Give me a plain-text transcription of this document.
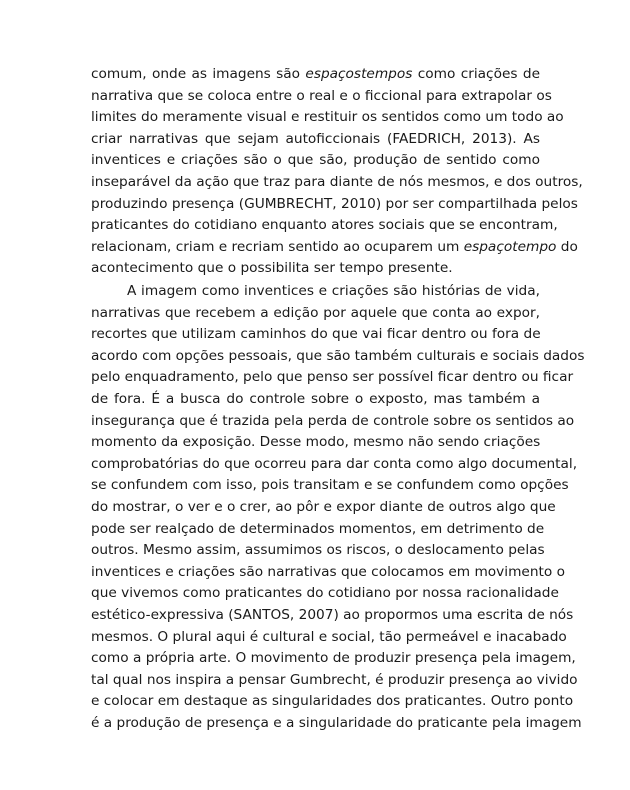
comum, onde as imagens são espaçostempos como criações de
narrativa que se coloca entre o real e o ficcional para extrapolar os
limites do meramente visual e restituir os sentidos como um todo ao
criar narrativas que sejam autoficcionais (FAEDRICH, 2013). As
inventices e criações são o que são, produção de sentido como
inseparável da ação que traz para diante de nós mesmos, e dos outros,
produzindo presença (GUMBRECHT, 2010) por ser compartilhada pelos
praticantes do cotidiano enquanto atores sociais que se encontram,
relacionam, criam e recriam sentido ao ocuparem um espaçotempo do
acontecimento que o possibilita ser tempo presente.

A imagem como inventices e criações são histórias de vida,
narrativas que recebem a edição por aquele que conta ao expor,
recortes que utilizam caminhos do que vai ficar dentro ou fora de
acordo com opções pessoais, que são também culturais e sociais dados
pelo enquadramento, pelo que penso ser possível ficar dentro ou ficar
de fora. É a busca do controle sobre o exposto, mas também a
insegurança que é trazida pela perda de controle sobre os sentidos ao
momento da exposição. Desse modo, mesmo não sendo criações
comprobatórias do que ocorreu para dar conta como algo documental,
se confundem com isso, pois transitam e se confundem como opções
do mostrar, o ver e o crer, ao pôr e expor diante de outros algo que
pode ser realçado de determinados momentos, em detrimento de
outros. Mesmo assim, assumimos os riscos, o deslocamento pelas
inventices e criações são narrativas que colocamos em movimento o
que vivemos como praticantes do cotidiano por nossa racionalidade
estético-expressiva (SANTOS, 2007) ao propormos uma escrita de nós
mesmos. O plural aqui é cultural e social, tão permeável e inacabado
como a própria arte. O movimento de produzir presença pela imagem,
tal qual nos inspira a pensar Gumbrecht, é produzir presença ao vivido
e colocar em destaque as singularidades dos praticantes. Outro ponto
é a produção de presença e a singularidade do praticante pela imagem
